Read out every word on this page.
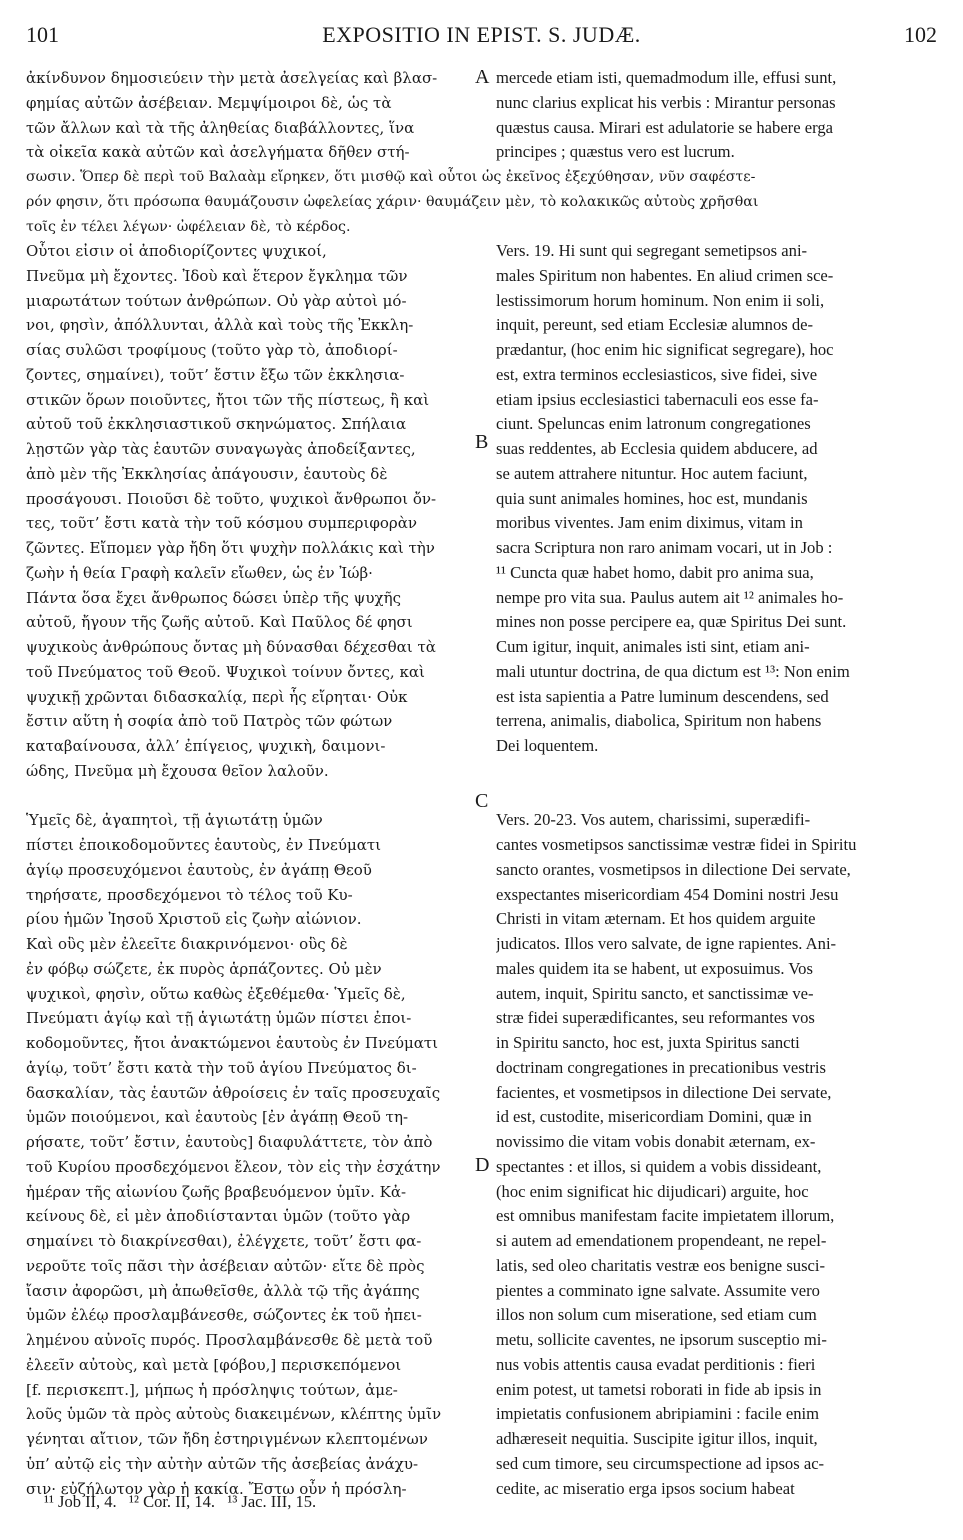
101	EXPOSITIO IN EPIST. S. JUDÆ.	102
ἀκίνδυνον δημοσιεύειν τὴν μετὰ ἀσελγείας καὶ βλασ-
φημίας αὐτῶν ἀσέβειαν. Μεμψίμοιροι δὲ, ὡς τὰ
τῶν ἄλλων καὶ τὰ τῆς ἀληθείας διαβάλλοντες, ἵνα
τὰ οἰκεῖα κακὰ αὐτῶν καὶ ἀσελγήματα δῆθεν στή-
mercede etiam isti, quemadmodum ille, effusi sunt,
nunc clarius explicat his verbis : Mirantur personas
quæstus causa. Mirari est adulatorie se habere erga
principes ; quæstus vero est lucrum.
σωσιν. Ὅπερ δὲ περὶ τοῦ Βαλαὰμ εἴρηκεν, ὅτι μισθῷ καὶ οὗτοι ὡς ἐκεῖνος ἐξεχύθησαν, νῦν σαφέστε-
ρόν φησιν, ὅτι πρόσωπα θαυμάζουσιν ὠφελείας χάριν· θαυμάζειν μὲν, τὸ κολακικῶς αὐτοὺς χρῆσθαι
τοῖς ἐν τέλει λέγων· ὠφέλειαν δὲ, τὸ κέρδος.
Οὗτοι εἰσιν οἱ ἀποδιορίζοντες ψυχικοί,
Πνεῦμα μὴ ἔχοντες. Ἰδοὺ καὶ ἕτερον ἔγκλημα τῶν
μιαρωτάτων τούτων ἀνθρώπων. Οὐ γὰρ αὐτοὶ μό-
νοι, φησὶν, ἀπόλλυνται, ἀλλὰ καὶ τοὺς τῆς Ἐκκλη-
σίας συλῶσι τροφίμους (τοῦτο γὰρ τὸ, ἀποδιορί-
ζοντες, σημαίνει), τοῦτ’ ἔστιν ἔξω τῶν ἐκκλησια-
στικῶν ὅρων ποιοῦντες, ἤτοι τῶν τῆς πίστεως, ἢ καὶ
αὐτοῦ τοῦ ἐκκλησιαστικοῦ σκηνώματος. Σπήλαια
λῃστῶν γὰρ τὰς ἑαυτῶν συναγωγὰς ἀποδείξαντες,
ἀπὸ μὲν τῆς Ἐκκλησίας ἀπάγουσιν, ἑαυτοὺς δὲ
προσάγουσι. Ποιοῦσι δὲ τοῦτο, ψυχικοὶ ἄνθρωποι ὄν-
τες, τοῦτ’ ἔστι κατὰ τὴν τοῦ κόσμου συμπεριφορὰν
ζῶντες. Εἴπομεν γὰρ ἤδη ὅτι ψυχὴν πολλάκις καὶ τὴν
ζωὴν ἡ θεία Γραφὴ καλεῖν εἴωθεν, ὡς ἐν Ἰώβ·
Πάντα ὅσα ἔχει ἄνθρωπος δώσει ὑπὲρ τῆς ψυχῆς
αὐτοῦ, ἤγουν τῆς ζωῆς αὐτοῦ. Καὶ Παῦλος δέ φησι
ψυχικοὺς ἀνθρώπους ὄντας μὴ δύνασθαι δέχεσθαι τὰ
τοῦ Πνεύματος τοῦ Θεοῦ. Ψυχικοὶ τοίνυν ὄντες, καὶ
ψυχικῇ χρῶνται διδασκαλίᾳ, περὶ ἧς εἴρηται· Οὐκ
ἔστιν αὕτη ἡ σοφία ἀπὸ τοῦ Πατρὸς τῶν φώτων
καταβαίνουσα, ἀλλ’ ἐπίγειος, ψυχικὴ, δαιμονι-
ώδης, Πνεῦμα μὴ ἔχουσα θεῖον λαλοῦν.
Ὑμεῖς δὲ, ἀγαπητοὶ, τῇ ἁγιωτάτῃ ὑμῶν
πίστει ἐποικοδομοῦντες ἑαυτοὺς, ἐν Πνεύματι
ἁγίῳ προσευχόμενοι ἑαυτοὺς, ἐν ἀγάπῃ Θεοῦ
τηρήσατε, προσδεχόμενοι τὸ τέλος τοῦ Κυ-
ρίου ἡμῶν Ἰησοῦ Χριστοῦ εἰς ζωὴν αἰώνιον.
Καὶ οὓς μὲν ἐλεεῖτε διακρινόμενοι· οὓς δὲ
ἐν φόβῳ σώζετε, ἐκ πυρὸς ἁρπάζοντες. Οὐ μὲν
ψυχικοὶ, φησὶν, οὕτω καθὼς ἐξεθέμεθα· Ὑμεῖς δὲ,
Πνεύματι ἁγίῳ καὶ τῇ ἁγιωτάτῃ ὑμῶν πίστει ἐποι-
κοδομοῦντες, ἤτοι ἀνακτώμενοι ἑαυτοὺς ἐν Πνεύματι
ἁγίῳ, τοῦτ’ ἔστι κατὰ τὴν τοῦ ἁγίου Πνεύματος δι-
δασκαλίαν, τὰς ἑαυτῶν ἀθροίσεις ἐν ταῖς προσευχαῖς
ὑμῶν ποιούμενοι, καὶ ἑαυτοὺς [ἐν ἀγάπῃ Θεοῦ τη-
ρήσατε, τοῦτ’ ἔστιν, ἑαυτοὺς] διαφυλάττετε, τὸν ἀπὸ
τοῦ Κυρίου προσδεχόμενοι ἔλεον, τὸν εἰς τὴν ἐσχάτην
ἡμέραν τῆς αἰωνίου ζωῆς βραβευόμενον ὑμῖν. Κἀ-
κείνους δὲ, εἰ μὲν ἀποδιίστανται ὑμῶν (τοῦτο γὰρ
σημαίνει τὸ διακρίνεσθαι), ἐλέγχετε, τοῦτ’ ἔστι φα-
νεροῦτε τοῖς πᾶσι τὴν ἀσέβειαν αὐτῶν· εἴτε δὲ πρὸς
ἴασιν ἀφορῶσι, μὴ ἀπωθεῖσθε, ἀλλὰ τῷ τῆς ἀγάπης
ὑμῶν ἐλέῳ προσλαμβάνεσθε, σώζοντες ἐκ τοῦ ἠπει-
λημένου αὐνοῖς πυρός. Προσλαμβάνεσθε δὲ μετὰ τοῦ
ἐλεεῖν αὐτοὺς, καὶ μετὰ [φόβου,] περισκεπόμενοι
[f. περισκεπτ.], μήπως ἡ πρόσληψις τούτων, ἀμε-
λοῦς ὑμῶν τὰ πρὸς αὐτοὺς διακειμένων, κλέπτης ὑμῖν
γένηται αἴτιον, τῶν ἤδη ἐστηριγμένων κλεπτομένων
ὑπ’ αὐτῷ εἰς τὴν αὐτὴν αὐτῶν τῆς ἀσεβείας ἀνάχυ-
σιν· εὐζήλωτον γὰρ ἡ κακία. Ἔστω οὖν ἡ πρόσλη-
Vers. 19. Hi sunt qui segregant semetipsos ani-
males Spiritum non habentes. En aliud crimen sce-
lestissimorum horum hominum. Non enim ii soli,
inquit, pereunt, sed etiam Ecclesiæ alumnos de-
prædantur, (hoc enim hic significat segregare), hoc
est, extra terminos ecclesiasticos, sive fidei, sive
etiam ipsius ecclesiastici tabernaculi eos esse fa-
ciunt. Speluncas enim latronum congregationes
suas reddentes, ab Ecclesia quidem abducere, ad
se autem attrahere nituntur. Hoc autem faciunt,
quia sunt animales homines, hoc est, mundanis
moribus viventes. Jam enim diximus, vitam in
sacra Scriptura non raro animam vocari, ut in Job :
¹¹ Cuncta quæ habet homo, dabit pro anima sua,
nempe pro vita sua. Paulus autem ait ¹² animales ho-
mines non posse percipere ea, quæ Spiritus Dei sunt.
Cum igitur, inquit, animales isti sint, etiam ani-
mali utuntur doctrina, de qua dictum est ¹³: Non enim
est ista sapientia a Patre luminum descendens, sed
terrena, animalis, diabolica, Spiritum non habens
Dei loquentem.
Vers. 20-23. Vos autem, charissimi, superædifi-
cantes vosmetipsos sanctissimæ vestræ fidei in Spiritu
sancto orantes, vosmetipsos in dilectione Dei servate,
exspectantes misericordiam 454 Domini nostri Jesu
Christi in vitam æternam. Et hos quidem arguite
judicatos. Illos vero salvate, de igne rapientes. Ani-
males quidem ita se habent, ut exposuimus. Vos
autem, inquit, Spiritu sancto, et sanctissimæ ve-
stræ fidei superædificantes, seu reformantes vos
in Spiritu sancto, hoc est, juxta Spiritus sancti
doctrinam congregationes in precationibus vestris
facientes, et vosmetipsos in dilectione Dei servate,
id est, custodite, misericordiam Domini, quæ in
novissimo die vitam vobis donabit æternam, ex-
spectantes : et illos, si quidem a vobis dissideant,
(hoc enim significat hic dijudicari) arguite, hoc
est omnibus manifestam facite impietatem illorum,
si autem ad emendationem propendeant, ne repel-
latis, sed oleo charitatis vestræ eos benigne susci-
pientes a comminato igne salvate. Assumite vero
illos non solum cum miseratione, sed etiam cum
metu, sollicite caventes, ne ipsorum susceptio mi-
nus vobis attentis causa evadat perditionis : fieri
enim potest, ut tametsi roborati in fide ab ipsis in
impietatis confusionem abripiamini : facile enim
adhæreseit nequitia. Suscipite igitur illos, inquit,
sed cum timore, seu circumspectione ad ipsos ac-
cedite, ac miseratio erga ipsos socium habeat
A
B
C
D
¹¹ Job II, 4.   ¹² Cor. II, 14.   ¹³ Jac. III, 15.
